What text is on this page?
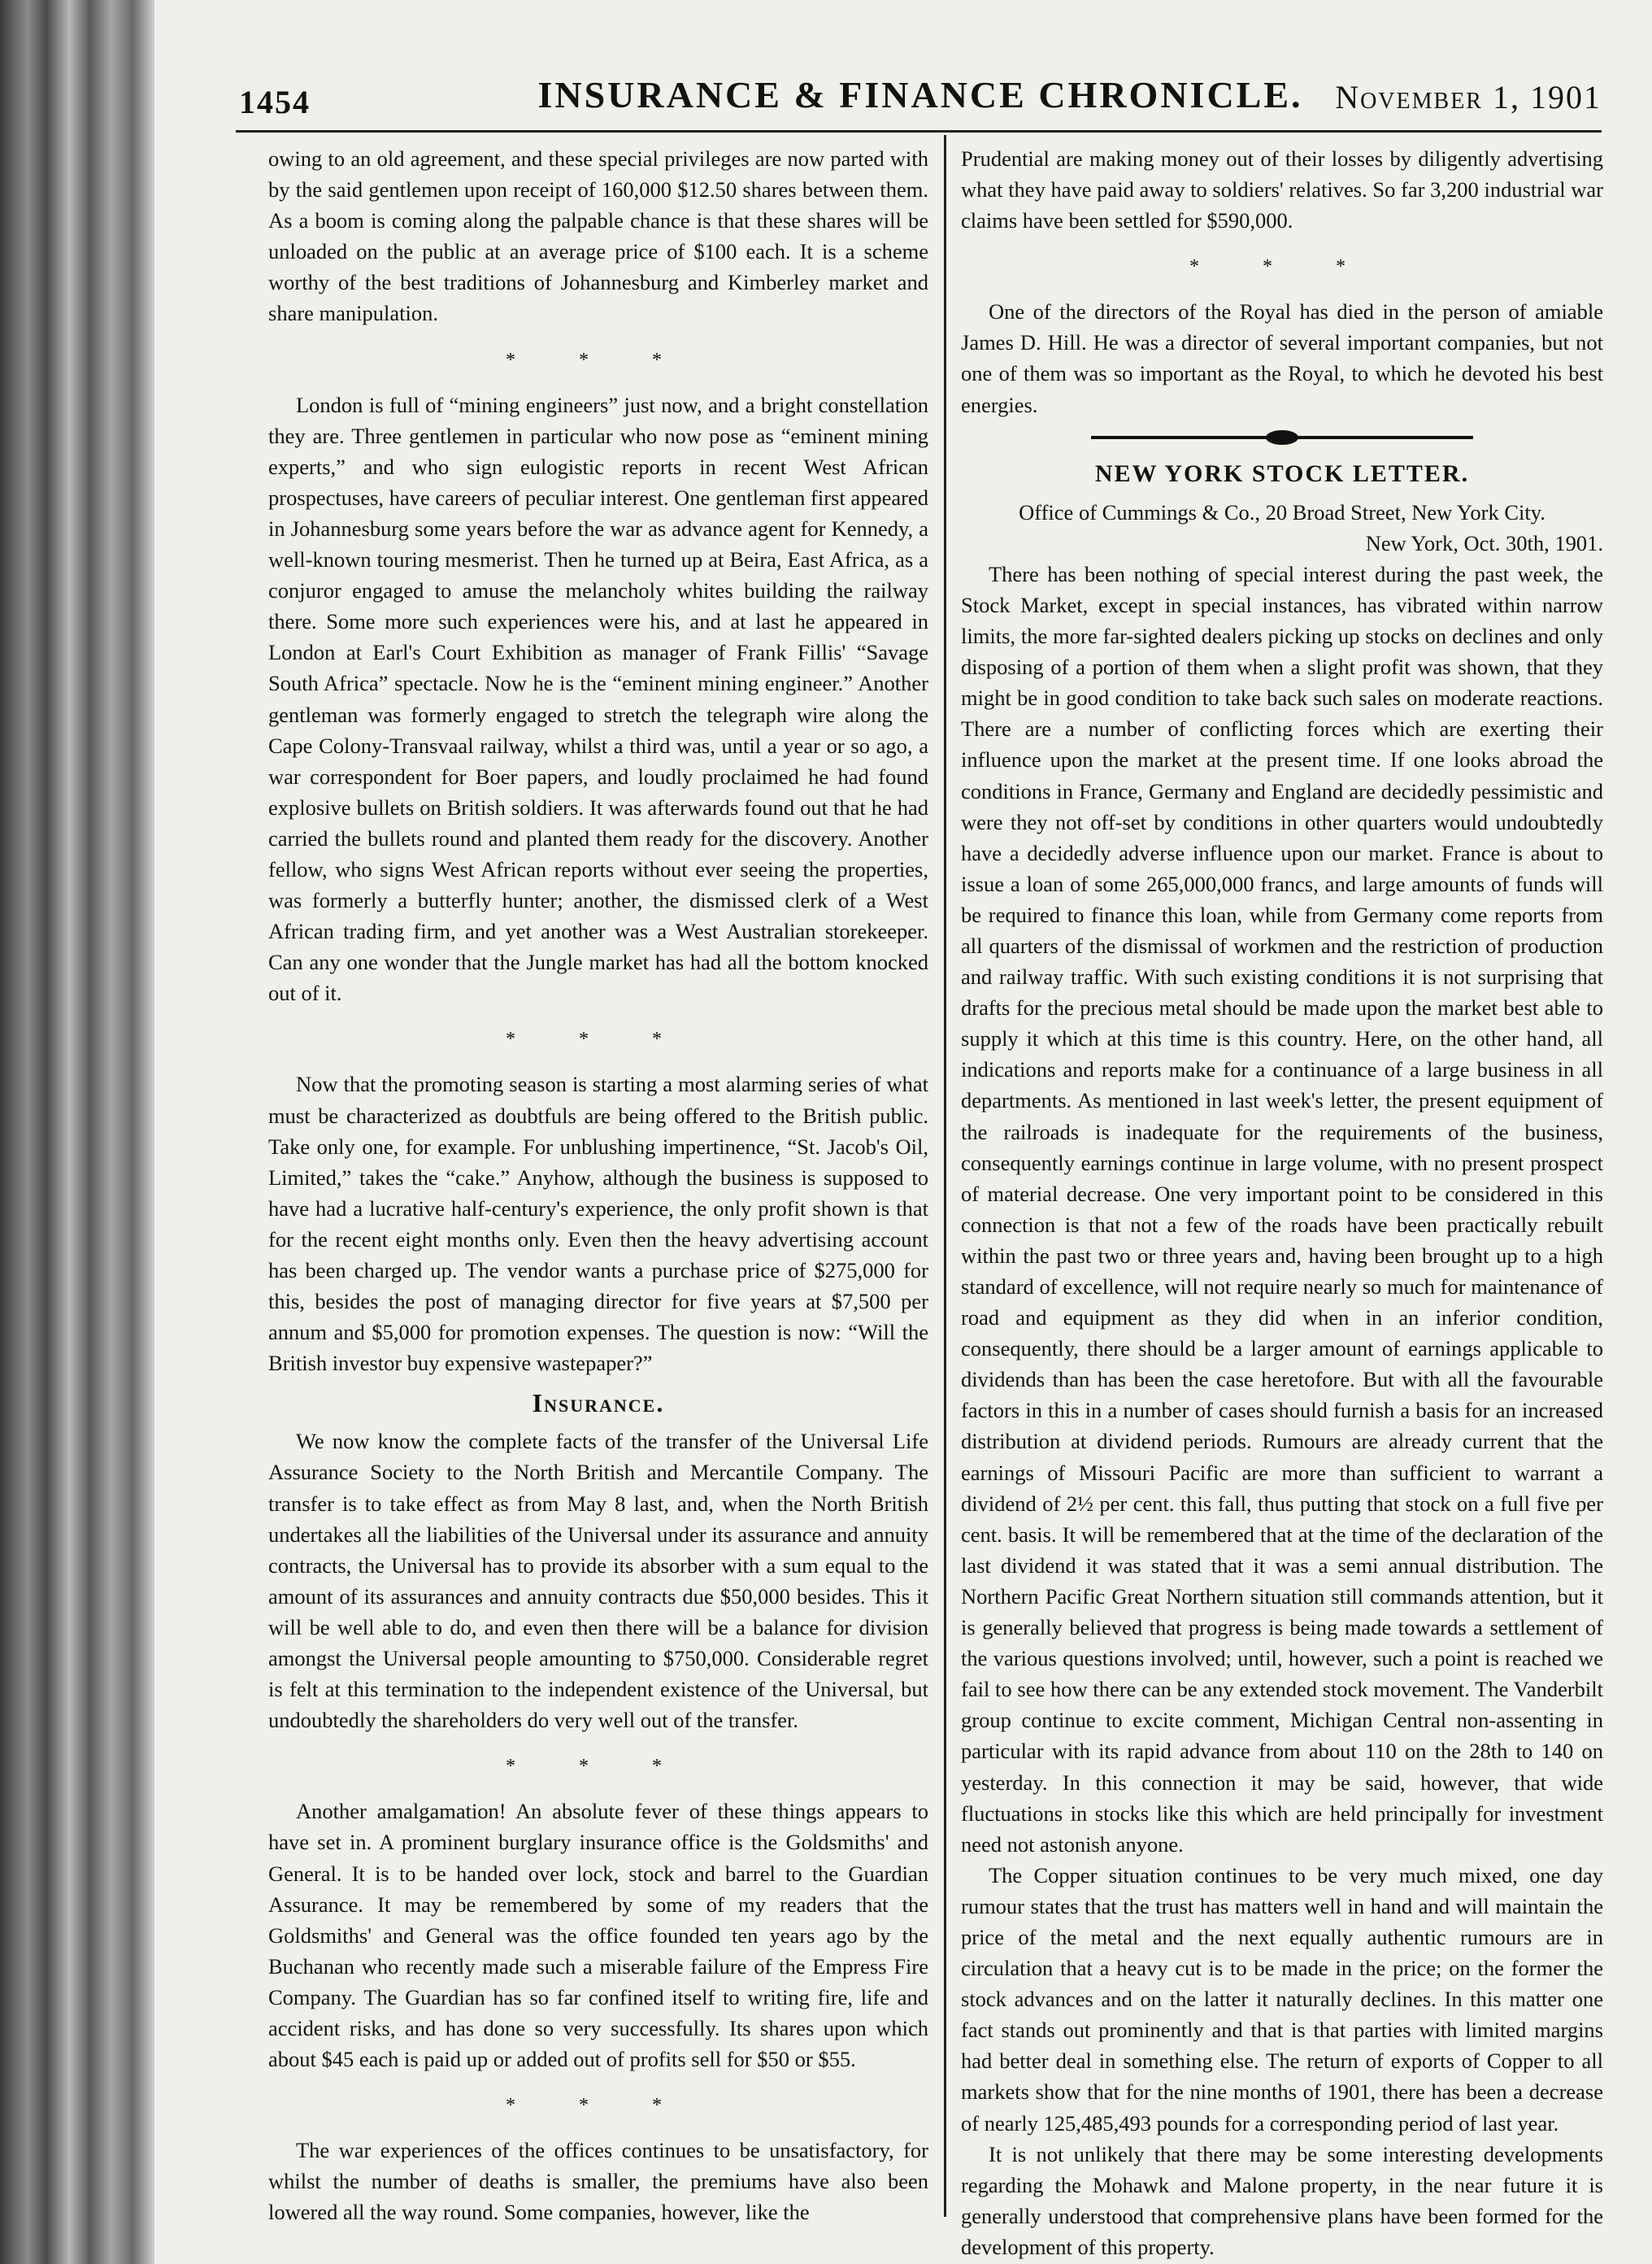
1454	INSURANCE & FINANCE CHRONICLE. November 1, 1901

owing to an old agreement, and these special privileges are now parted with by the said gentlemen upon receipt of 160,000 $12.50 shares between them. As a boom is coming along the palpable chance is that these shares will be unloaded on the public at an average price of $100 each. It is a scheme worthy of the best traditions of Johannesburg and Kimberley market and share manipulation.

* * *

London is full of “mining engineers” just now, and a bright constellation they are. Three gentlemen in particular who now pose as “eminent mining experts,” and who sign eulogistic reports in recent West African prospectuses, have careers of peculiar interest. One gentleman first appeared in Johannesburg some years before the war as advance agent for Kennedy, a well-known touring mesmerist. Then he turned up at Beira, East Africa, as a conjuror engaged to amuse the melancholy whites building the railway there. Some more such experiences were his, and at last he appeared in London at Earl's Court Exhibition as manager of Frank Fillis' “Savage South Africa” spectacle. Now he is the “eminent mining engineer.” Another gentleman was formerly engaged to stretch the telegraph wire along the Cape Colony-Transvaal railway, whilst a third was, until a year or so ago, a war correspondent for Boer papers, and loudly proclaimed he had found explosive bullets on British soldiers. It was afterwards found out that he had carried the bullets round and planted them ready for the discovery. Another fellow, who signs West African reports without ever seeing the properties, was formerly a butterfly hunter; another, the dismissed clerk of a West African trading firm, and yet another was a West Australian storekeeper. Can any one wonder that the Jungle market has had all the bottom knocked out of it.

* * *

Now that the promoting season is starting a most alarming series of what must be characterized as doubtfuls are being offered to the British public. Take only one, for example. For unblushing impertinence, “St. Jacob's Oil, Limited,” takes the “cake.” Anyhow, although the business is supposed to have had a lucrative half-century's experience, the only profit shown is that for the recent eight months only. Even then the heavy advertising account has been charged up. The vendor wants a purchase price of $275,000 for this, besides the post of managing director for five years at $7,500 per annum and $5,000 for promotion expenses. The question is now: “Will the British investor buy expensive wastepaper?”

Insurance.

We now know the complete facts of the transfer of the Universal Life Assurance Society to the North British and Mercantile Company. The transfer is to take effect as from May 8 last, and, when the North British undertakes all the liabilities of the Universal under its assurance and annuity contracts, the Universal has to provide its absorber with a sum equal to the amount of its assurances and annuity contracts due $50,000 besides. This it will be well able to do, and even then there will be a balance for division amongst the Universal people amounting to $750,000. Considerable regret is felt at this termination to the independent existence of the Universal, but undoubtedly the shareholders do very well out of the transfer.

* * *

Another amalgamation! An absolute fever of these things appears to have set in. A prominent burglary insurance office is the Goldsmiths' and General. It is to be handed over lock, stock and barrel to the Guardian Assurance. It may be remembered by some of my readers that the Goldsmiths' and General was the office founded ten years ago by the Buchanan who recently made such a miserable failure of the Empress Fire Company. The Guardian has so far confined itself to writing fire, life and accident risks, and has done so very successfully. Its shares upon which about $45 each is paid up or added out of profits sell for $50 or $55.

* * *

The war experiences of the offices continues to be unsatisfactory, for whilst the number of deaths is smaller, the premiums have also been lowered all the way round. Some companies, however, like the

Prudential are making money out of their losses by diligently advertising what they have paid away to soldiers' relatives. So far 3,200 industrial war claims have been settled for $590,000.

* * *

One of the directors of the Royal has died in the person of amiable James D. Hill. He was a director of several important companies, but not one of them was so important as the Royal, to which he devoted his best energies.

NEW YORK STOCK LETTER.

Office of Cummings & Co., 20 Broad Street, New York City.

New York, Oct. 30th, 1901.

There has been nothing of special interest during the past week, the Stock Market, except in special instances, has vibrated within narrow limits, the more far-sighted dealers picking up stocks on declines and only disposing of a portion of them when a slight profit was shown, that they might be in good condition to take back such sales on moderate reactions. There are a number of conflicting forces which are exerting their influence upon the market at the present time. If one looks abroad the conditions in France, Germany and England are decidedly pessimistic and were they not off-set by conditions in other quarters would undoubtedly have a decidedly adverse influence upon our market. France is about to issue a loan of some 265,000,000 francs, and large amounts of funds will be required to finance this loan, while from Germany come reports from all quarters of the dismissal of workmen and the restriction of production and railway traffic. With such existing conditions it is not surprising that drafts for the precious metal should be made upon the market best able to supply it which at this time is this country. Here, on the other hand, all indications and reports make for a continuance of a large business in all departments. As mentioned in last week's letter, the present equipment of the railroads is inadequate for the requirements of the business, consequently earnings continue in large volume, with no present prospect of material decrease. One very important point to be considered in this connection is that not a few of the roads have been practically rebuilt within the past two or three years and, having been brought up to a high standard of excellence, will not require nearly so much for maintenance of road and equipment as they did when in an inferior condition, consequently, there should be a larger amount of earnings applicable to dividends than has been the case heretofore. But with all the favourable factors in this in a number of cases should furnish a basis for an increased distribution at dividend periods. Rumours are already current that the earnings of Missouri Pacific are more than sufficient to warrant a dividend of 2½ per cent. this fall, thus putting that stock on a full five per cent. basis. It will be remembered that at the time of the declaration of the last dividend it was stated that it was a semi annual distribution. The Northern Pacific Great Northern situation still commands attention, but it is generally believed that progress is being made towards a settlement of the various questions involved; until, however, such a point is reached we fail to see how there can be any extended stock movement. The Vanderbilt group continue to excite comment, Michigan Central non-assenting in particular with its rapid advance from about 110 on the 28th to 140 on yesterday. In this connection it may be said, however, that wide fluctuations in stocks like this which are held principally for investment need not astonish anyone.

The Copper situation continues to be very much mixed, one day rumour states that the trust has matters well in hand and will maintain the price of the metal and the next equally authentic rumours are in circulation that a heavy cut is to be made in the price; on the former the stock advances and on the latter it naturally declines. In this matter one fact stands out prominently and that is that parties with limited margins had better deal in something else. The return of exports of Copper to all markets show that for the nine months of 1901, there has been a decrease of nearly 125,485,493 pounds for a corresponding period of last year.

It is not unlikely that there may be some interesting developments regarding the Mohawk and Malone property, in the near future it is generally understood that comprehensive plans have been formed for the development of this property.
